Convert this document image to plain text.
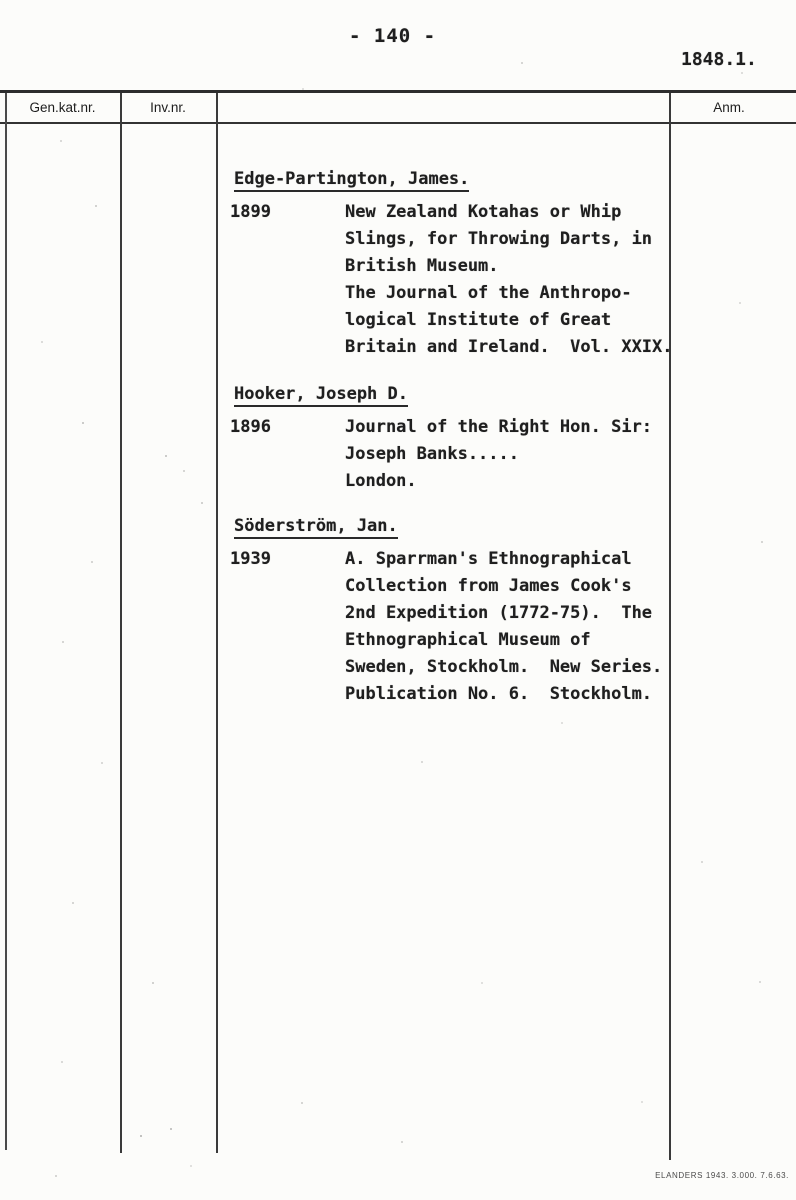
- 140 -
1848.1.
Gen.kat.nr.	Inv.nr.	Anm.
Edge-Partington, James.
1899	New Zealand Kotahas or Whip
Slings, for Throwing Darts, in
British Museum.
The Journal of the Anthropo-
logical Institute of Great
Britain and Ireland.  Vol. XXIX.
Hooker, Joseph D.
1896	Journal of the Right Hon. Sir:
Joseph Banks.....
London.
Söderström, Jan.
1939	A. Sparrman's Ethnographical
Collection from James Cook's
2nd Expedition (1772-75).  The
Ethnographical Museum of
Sweden, Stockholm.  New Series.
Publication No. 6.  Stockholm.
ELANDERS 1943. 3.000. 7.6.63.
